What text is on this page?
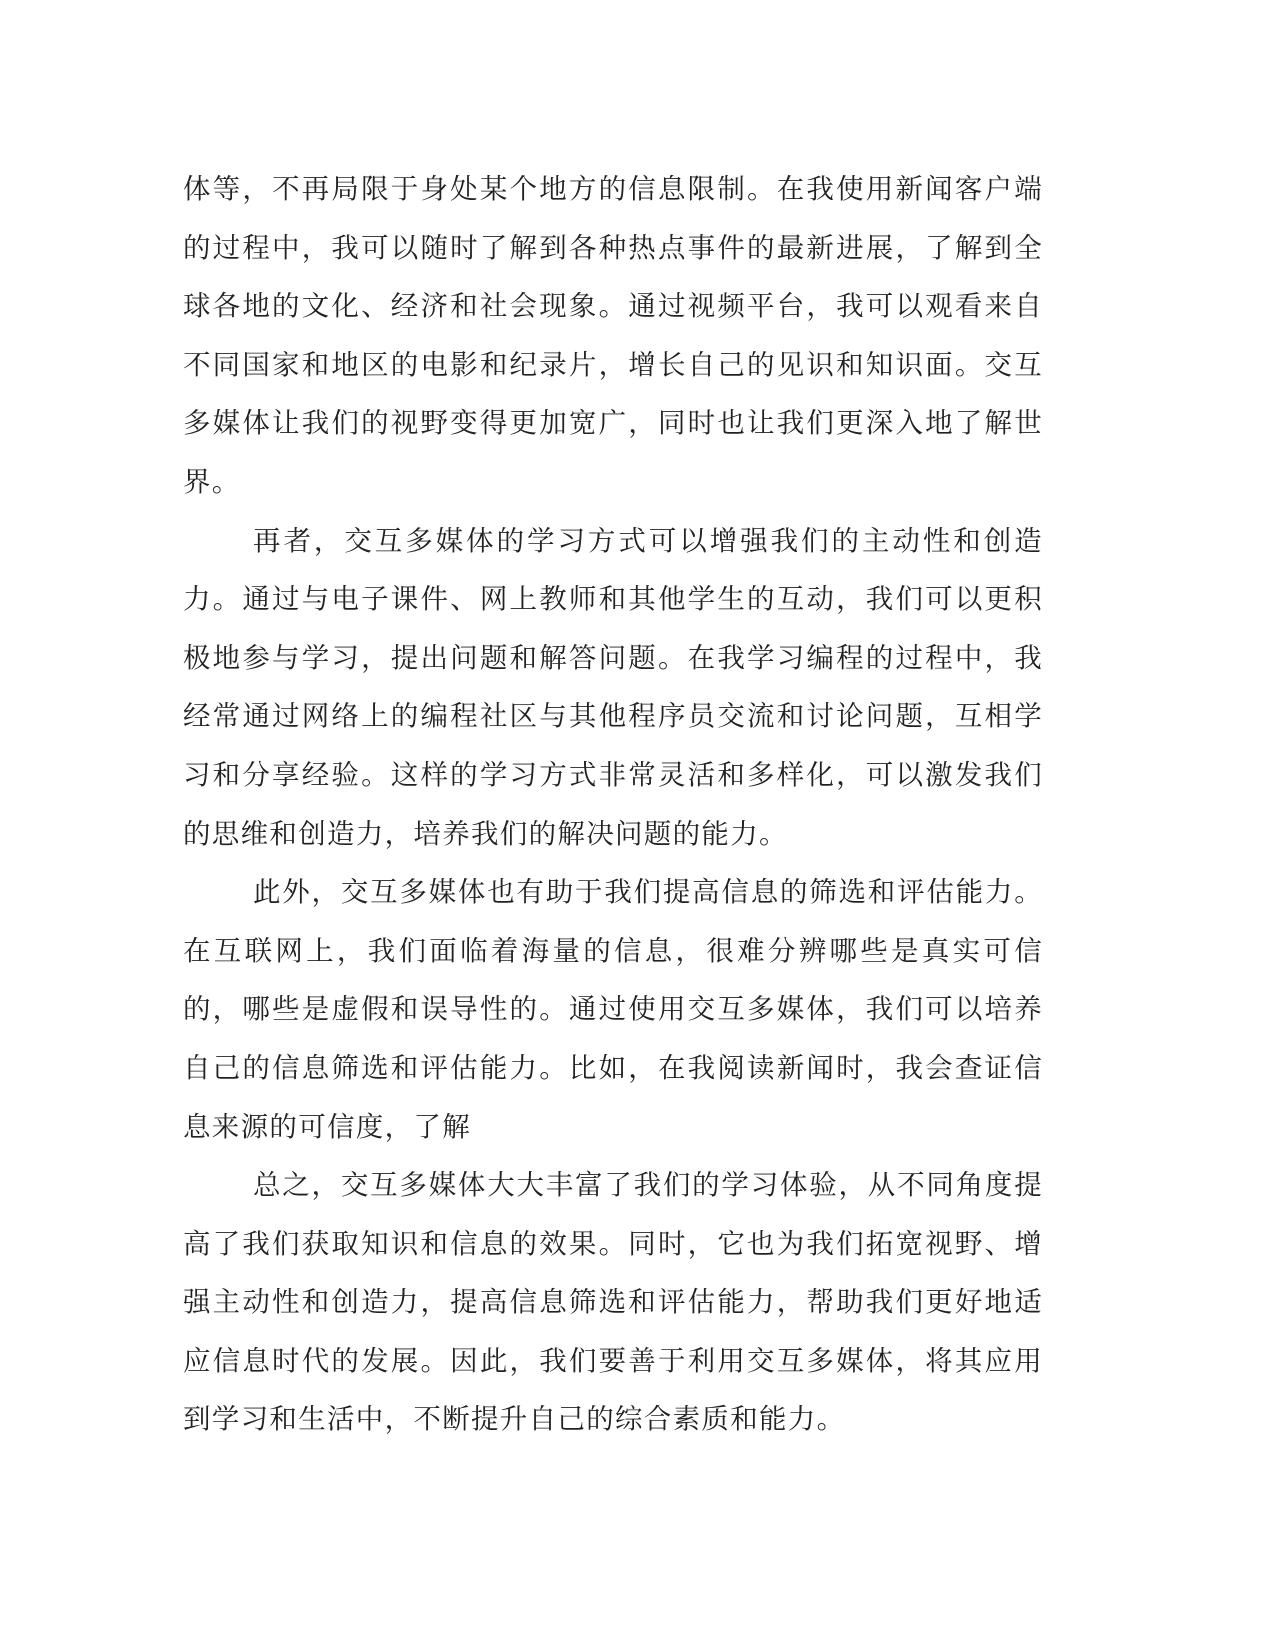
体等，不再局限于身处某个地方的信息限制。在我使用新闻客户端的过程中，我可以随时了解到各种热点事件的最新进展，了解到全球各地的文化、经济和社会现象。通过视频平台，我可以观看来自不同国家和地区的电影和纪录片，增长自己的见识和知识面。交互多媒体让我们的视野变得更加宽广，同时也让我们更深入地了解世界。

再者，交互多媒体的学习方式可以增强我们的主动性和创造力。通过与电子课件、网上教师和其他学生的互动，我们可以更积极地参与学习，提出问题和解答问题。在我学习编程的过程中，我经常通过网络上的编程社区与其他程序员交流和讨论问题，互相学习和分享经验。这样的学习方式非常灵活和多样化，可以激发我们的思维和创造力，培养我们的解决问题的能力。

此外，交互多媒体也有助于我们提高信息的筛选和评估能力。在互联网上，我们面临着海量的信息，很难分辨哪些是真实可信的，哪些是虚假和误导性的。通过使用交互多媒体，我们可以培养自己的信息筛选和评估能力。比如，在我阅读新闻时，我会查证信息来源的可信度，了解

总之，交互多媒体大大丰富了我们的学习体验，从不同角度提高了我们获取知识和信息的效果。同时，它也为我们拓宽视野、增强主动性和创造力，提高信息筛选和评估能力，帮助我们更好地适应信息时代的发展。因此，我们要善于利用交互多媒体，将其应用到学习和生活中，不断提升自己的综合素质和能力。
